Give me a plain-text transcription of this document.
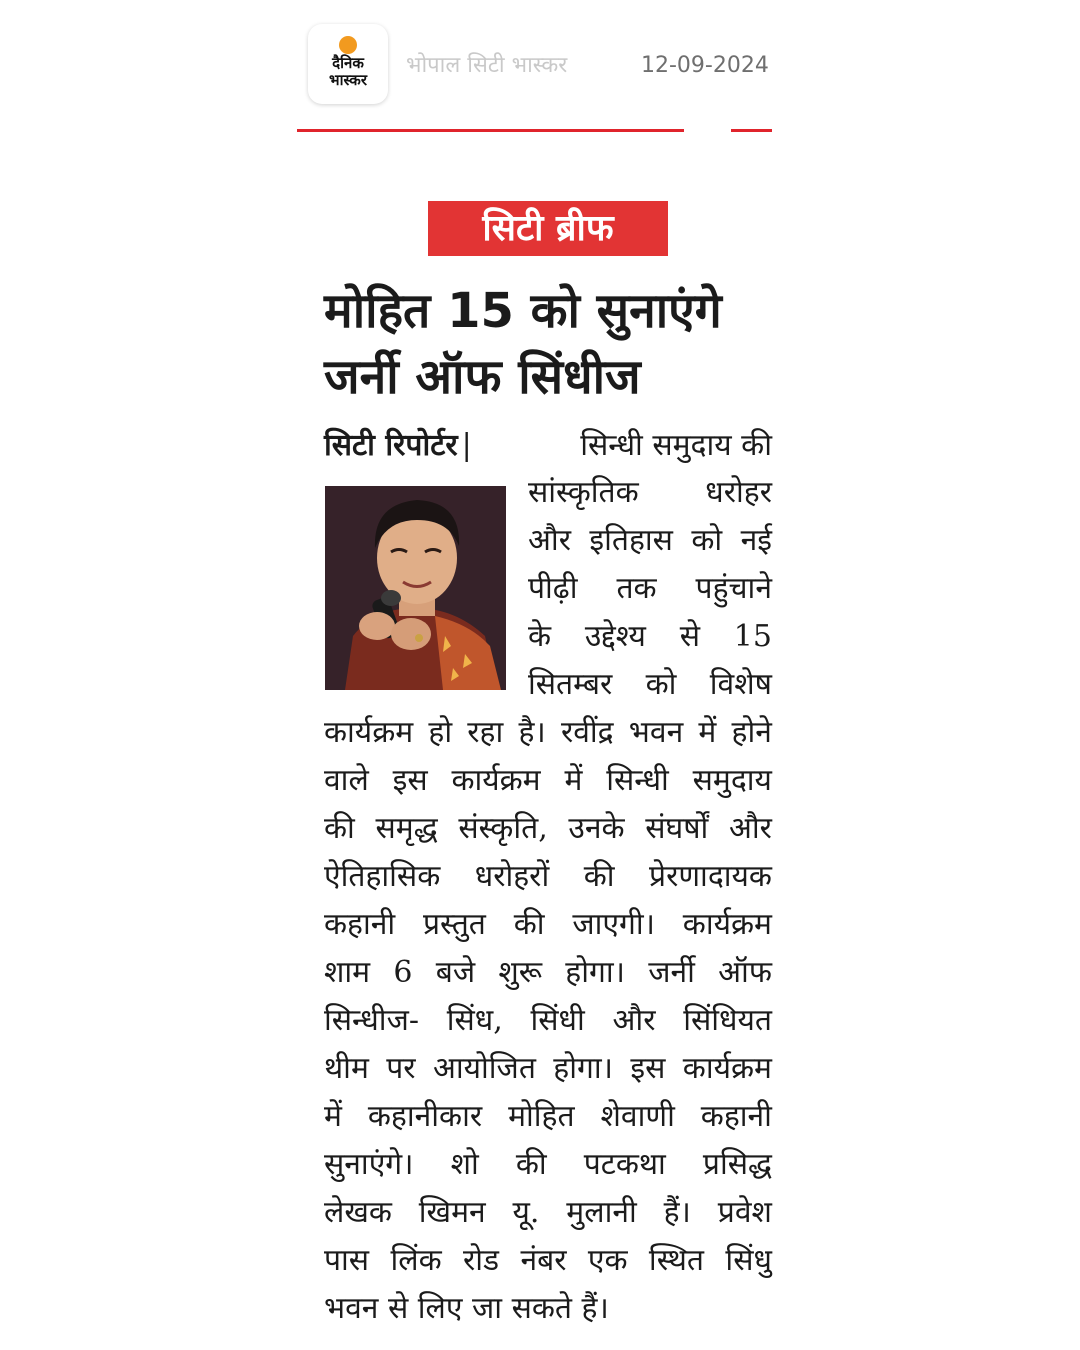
दैनिक
भास्कर
भोपाल सिटी भास्कर	12-09-2024
सिटी ब्रीफ
मोहित 15 को सुनाएंगे
जर्नी ऑफ सिंधीज
सिटी रिपोर्टर |	सिन्धी समुदाय की
सांस्कृतिक धरोहर
और इतिहास को नई
पीढ़ी तक पहुंचाने
के उद्देश्य से 15
सितम्बर को विशेष
कार्यक्रम हो रहा है। रवींद्र भवन में होने
वाले इस कार्यक्रम में सिन्धी समुदाय
की समृद्ध संस्कृति, उनके संघर्षों और
ऐतिहासिक धरोहरों की प्रेरणादायक
कहानी प्रस्तुत की जाएगी। कार्यक्रम
शाम 6 बजे शुरू होगा। जर्नी ऑफ
सिन्धीज- सिंध, सिंधी और सिंधियत
थीम पर आयोजित होगा। इस कार्यक्रम
में कहानीकार मोहित शेवाणी कहानी
सुनाएंगे। शो की पटकथा प्रसिद्ध
लेखक खिमन यू. मुलानी हैं। प्रवेश
पास लिंक रोड नंबर एक स्थित सिंधु
भवन से लिए जा सकते हैं।
